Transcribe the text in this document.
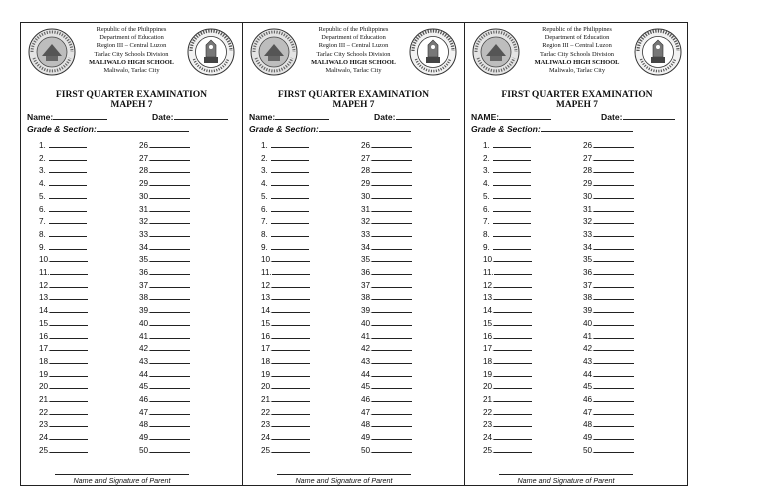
Republic of the Philippines
Department of Education
Region III – Central Luzon
Tarlac City Schools Division
MALIWALO HIGH SCHOOL
Maliwalo, Tarlac City
FIRST QUARTER EXAMINATION
MAPEH 7
Name:	Date:
Grade & Section:
1.
2.
3.
4.
5.
6.
7.
8.
9.
10.
11.
12.
13.
14.
15.
16.
17.
18.
19.
20.
21.
22.
23.
24.
25.
26.
27.
28.
29.
30.
31.
32.
33.
34.
35.
36.
37.
38.
39.
40.
41.
42.
43.
44.
45.
46.
47.
48.
49.
50.
Name and Signature of Parent
Republic of the Philippines
Department of Education
Region III – Central Luzon
Tarlac City Schools Division
MALIWALO HIGH SCHOOL
Maliwalo, Tarlac City
FIRST QUARTER EXAMINATION
MAPEH 7
Name:	Date:
Grade & Section:
1.
2.
3.
4.
5.
6.
7.
8.
9.
10.
11.
12.
13.
14.
15.
16.
17.
18.
19.
20.
21.
22.
23.
24.
25.
26.
27.
28.
29.
30.
31.
32.
33.
34.
35.
36.
37.
38.
39.
40.
41.
42.
43.
44.
45.
46.
47.
48.
49.
50.
Name and Signature of Parent
Republic of the Philippines
Department of Education
Region III – Central Luzon
Tarlac City Schools Division
MALIWALO HIGH SCHOOL
Maliwalo, Tarlac City
FIRST QUARTER EXAMINATION
MAPEH 7
NAME:	Date:
Grade & Section:
1.
2.
3.
4.
5.
6.
7.
8.
9.
10.
11.
12.
13.
14.
15.
16.
17.
18.
19.
20.
21.
22.
23.
24.
25.
26.
27.
28.
29.
30.
31.
32.
33.
34.
35.
36.
37.
38.
39.
40.
41.
42.
43.
44.
45.
46.
47.
48.
49.
50.
Name and Signature of Parent
